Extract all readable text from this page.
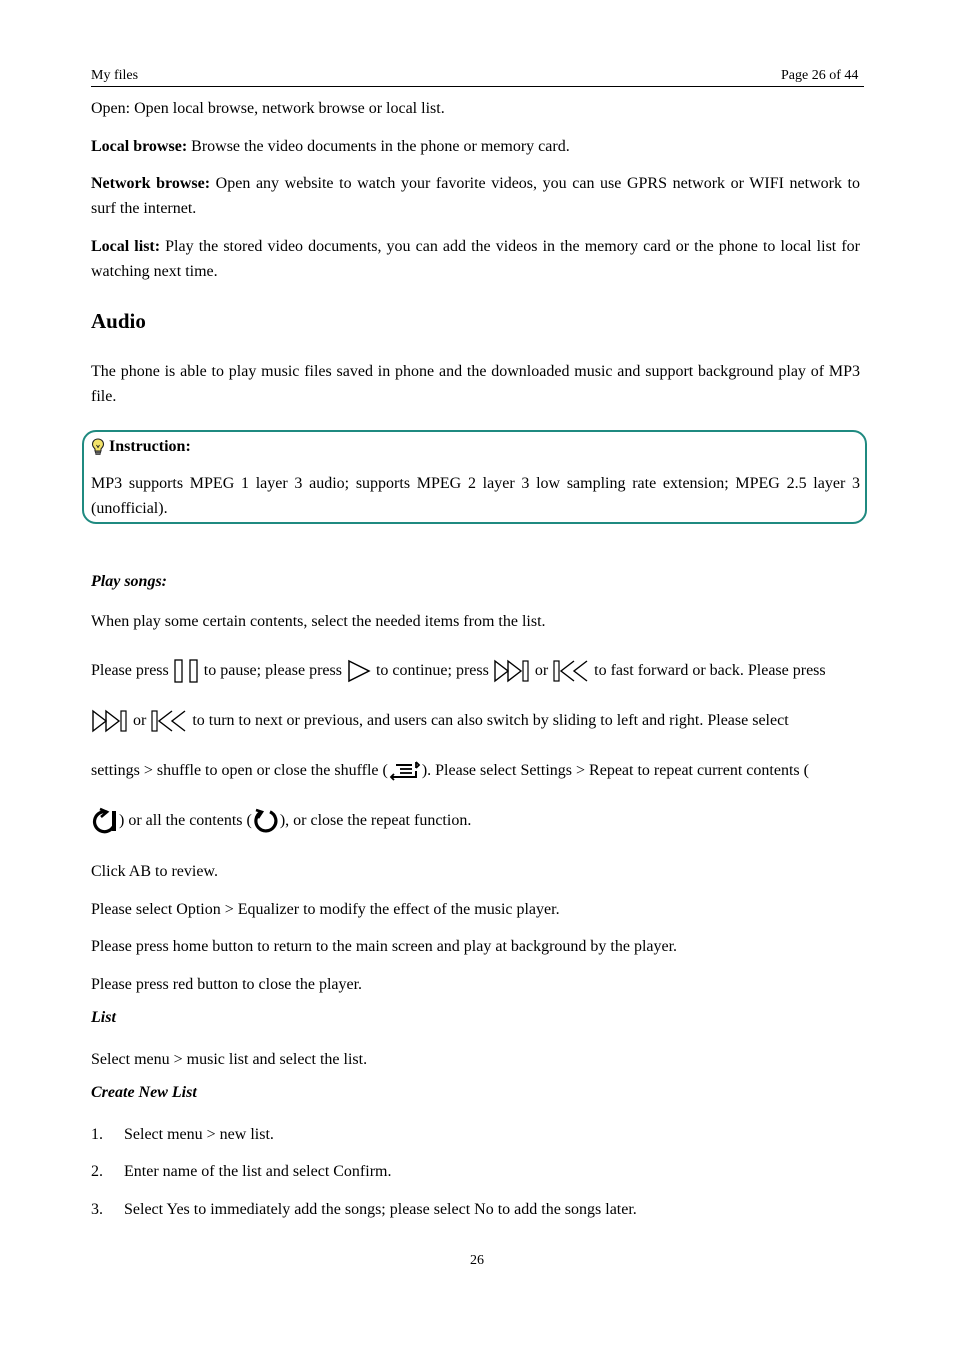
My files	Page 26 of 44
Open: Open local browse, network browse or local list.
Local browse: Browse the video documents in the phone or memory card.
Network browse: Open any website to watch your favorite videos, you can use GPRS network or WIFI network to surf the internet.
Local list: Play the stored video documents, you can add the videos in the memory card or the phone to local list for watching next time.
Audio
The phone is able to play music files saved in phone and the downloaded music and support background play of MP3 file.
Instruction:
MP3 supports MPEG 1 layer 3 audio; supports MPEG 2 layer 3 low sampling rate extension; MPEG 2.5 layer 3 (unofficial).
Play songs:
When play some certain contents, select the needed items from the list.
Please press
to pause; please press
to continue; press
or
to fast forward or back. Please press
or
to turn to next or previous, and users can also switch by sliding to left and right. Please select
settings > shuffle to open or close the shuffle ( ). Please select Settings > Repeat to repeat current contents (
) or all the contents ( ), or close the repeat function.
Click AB to review.
Please select Option > Equalizer to modify the effect of the music player.
Please press home button to return to the main screen and play at background by the player.
Please press red button to close the player.
List
Select menu > music list and select the list.
Create New List
1. Select menu > new list.
2. Enter name of the list and select Confirm.
3. Select Yes to immediately add the songs; please select No to add the songs later.
26
